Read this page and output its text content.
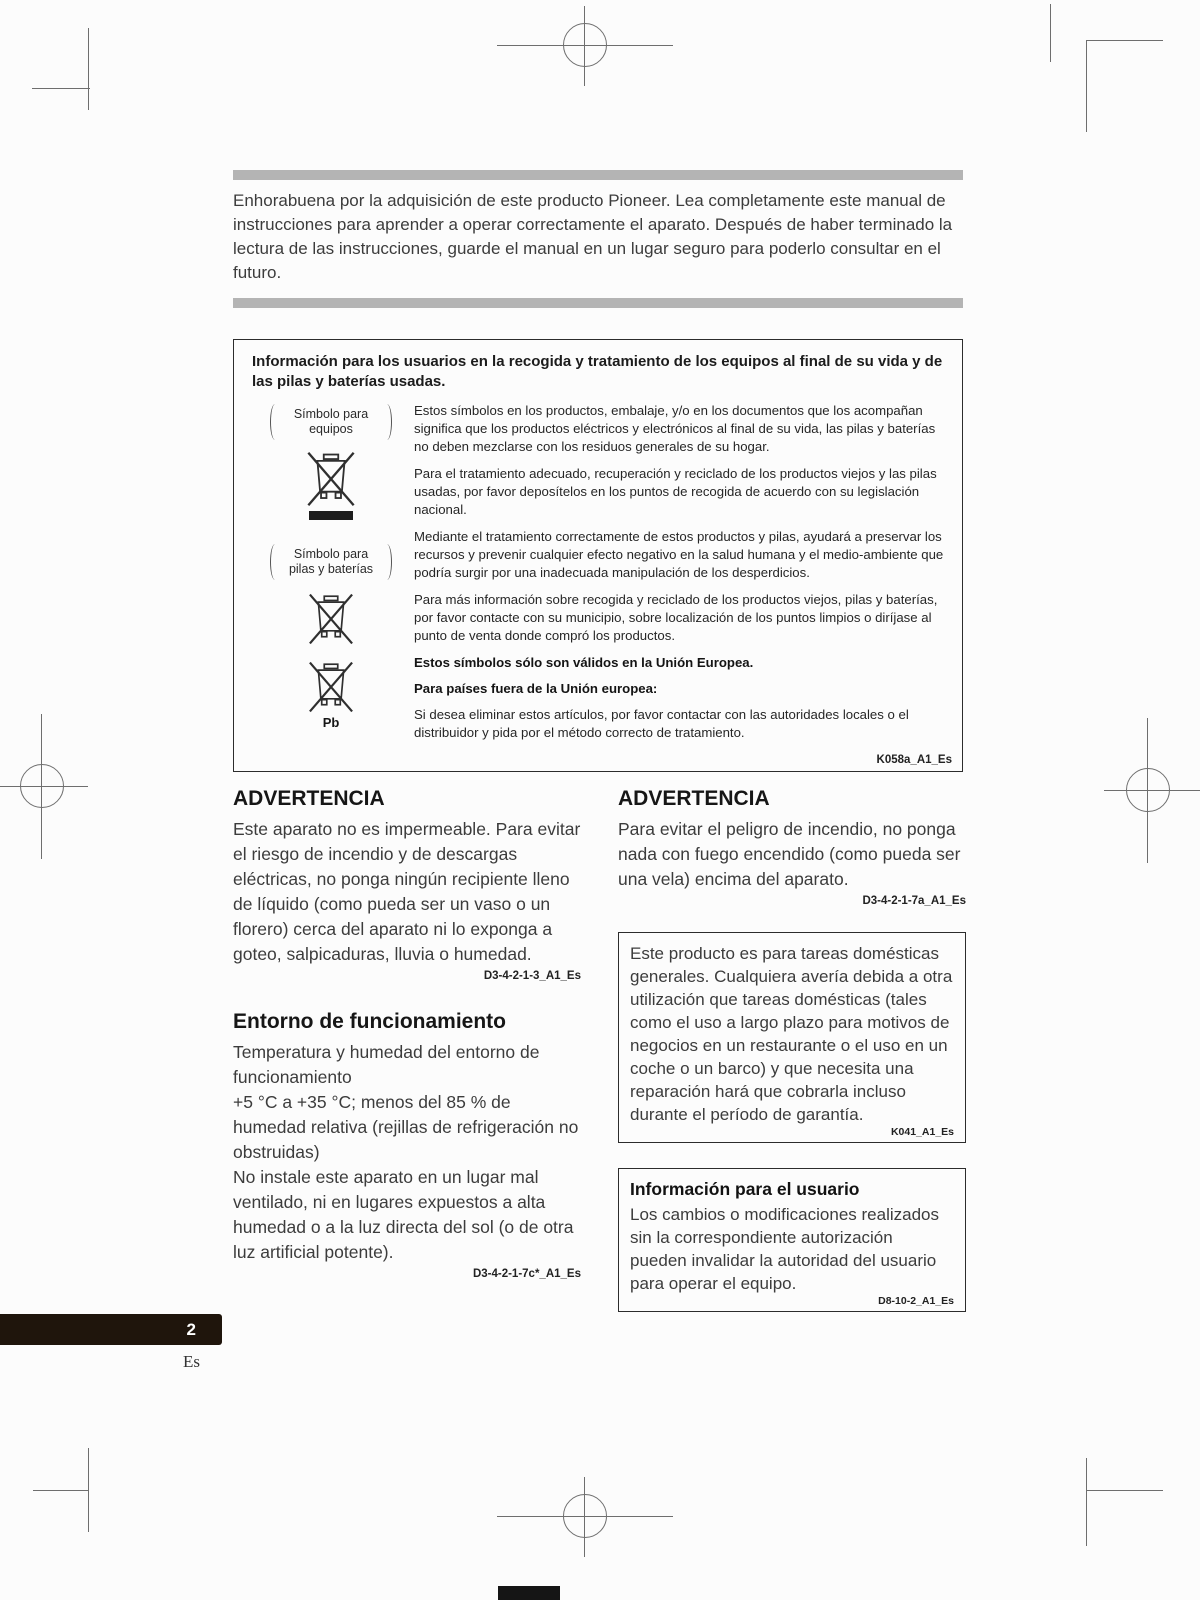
Enhorabuena por la adquisición de este producto Pioneer. Lea completamente este manual de instrucciones para aprender a operar correctamente el aparato. Después de haber terminado la lectura de las instrucciones, guarde el manual en un lugar seguro para poderlo consultar en el futuro.

Información para los usuarios en la recogida y tratamiento de los equipos al final de su vida y de las pilas y baterías usadas.
Símbolo para equipos
Símbolo para pilas y baterías
Pb

Estos símbolos en los productos, embalaje, y/o en los documentos que los acompañan significa que los productos eléctricos y electrónicos al final de su vida, las pilas y baterías no deben mezclarse con los residuos generales de su hogar.

Para el tratamiento adecuado, recuperación y reciclado de los productos viejos y las pilas usadas, por favor deposítelos en los puntos de recogida de acuerdo con su legislación nacional.

Mediante el tratamiento correctamente de estos productos y pilas, ayudará a preservar los recursos y prevenir cualquier efecto negativo en la salud humana y el medio-ambiente que podría surgir por una inadecuada manipulación de los desperdicios.

Para más información sobre recogida y reciclado de los productos viejos, pilas y baterías, por favor contacte con su municipio, sobre localización de los puntos limpios o diríjase al punto de venta donde compró los productos.

Estos símbolos sólo son válidos en la Unión Europea.

Para países fuera de la Unión europea:

Si desea eliminar estos artículos, por favor contactar con las autoridades locales o el distribuidor y pida por el método correcto de tratamiento.

K058a_A1_Es
ADVERTENCIA

Este aparato no es impermeable. Para evitar el riesgo de incendio y de descargas eléctricas, no ponga ningún recipiente lleno de líquido (como pueda ser un vaso o un florero) cerca del aparato ni lo exponga a goteo, salpicaduras, lluvia o humedad.

D3-4-2-1-3_A1_Es
Entorno de funcionamiento

Temperatura y humedad del entorno de funcionamiento

+5 °C a +35 °C; menos del 85 % de humedad relativa (rejillas de refrigeración no obstruidas)

No instale este aparato en un lugar mal ventilado, ni en lugares expuestos a alta humedad o a la luz directa del sol (o de otra luz artificial potente).

D3-4-2-1-7c*_A1_Es
ADVERTENCIA

Para evitar el peligro de incendio, no ponga nada con fuego encendido (como pueda ser una vela) encima del aparato.

D3-4-2-1-7a_A1_Es

Este producto es para tareas domésticas generales. Cualquiera avería debida a otra utilización que tareas domésticas (tales como el uso a largo plazo para motivos de negocios en un restaurante o el uso en un coche o un barco) y que necesita una reparación hará que cobrarla incluso durante el período de garantía.

K041_A1_Es
Información para el usuario

Los cambios o modificaciones realizados sin la correspondiente autorización pueden invalidar la autoridad del usuario para operar el equipo.

D8-10-2_A1_Es
2
Es
